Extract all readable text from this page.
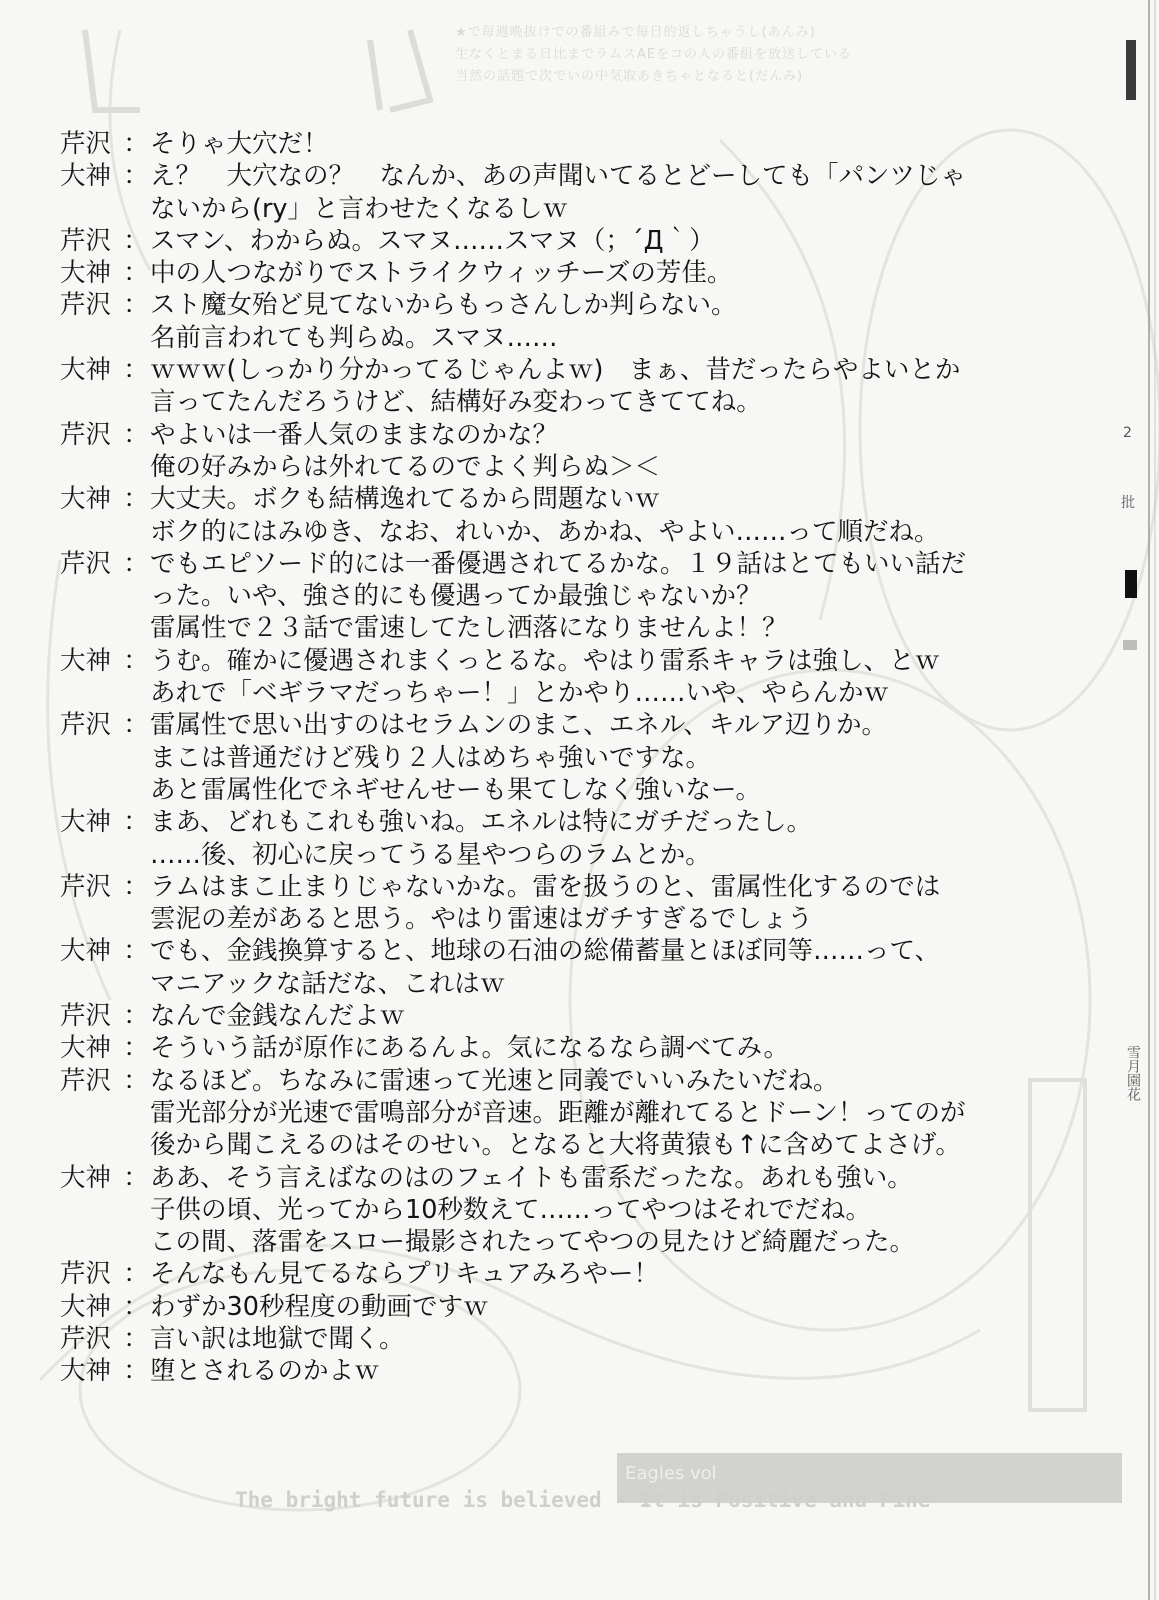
★で毎週晩抜けでの番組みで毎日的返しちゃうし(あんみ)
生なくとまる日比までラムスAEをコの人の番組を放送している
当然の話題で次でいの中気取あきちゃとなると(だんみ)
Eagles vol
The bright future is believed - It is Positive and Pine
2
批
雪月園花
芹沢 ： そりゃ大穴だ！
大神 ： え？　大穴なの？　なんか、あの声聞いてるとどーしても「パンツじゃ
ないから(ry」と言わせたくなるしｗ
芹沢 ： スマン、わからぬ。スマヌ……スマヌ（；´Д｀）
大神 ： 中の人つながりでストライクウィッチーズの芳佳。
芹沢 ： スト魔女殆ど見てないからもっさんしか判らない。
名前言われても判らぬ。スマヌ……
大神 ： ｗｗｗ(しっかり分かってるじゃんよｗ)　まぁ、昔だったらやよいとか
言ってたんだろうけど、結構好み変わってきててね。
芹沢 ： やよいは一番人気のままなのかな？
俺の好みからは外れてるのでよく判らぬ＞＜
大神 ： 大丈夫。ボクも結構逸れてるから問題ないｗ
ボク的にはみゆき、なお、れいか、あかね、やよい……って順だね。
芹沢 ： でもエピソード的には一番優遇されてるかな。１９話はとてもいい話だ
った。いや、強さ的にも優遇ってか最強じゃないか？
雷属性で２３話で雷速してたし洒落になりませんよ！？
大神 ： うむ。確かに優遇されまくっとるな。やはり雷系キャラは強し、とｗ
あれで「ベギラマだっちゃー！」とかやり……いや、やらんかｗ
芹沢 ： 雷属性で思い出すのはセラムンのまこ、エネル、キルア辺りか。
まこは普通だけど残り２人はめちゃ強いですな。
あと雷属性化でネギせんせーも果てしなく強いなー。
大神 ： まあ、どれもこれも強いね。エネルは特にガチだったし。
……後、初心に戻ってうる星やつらのラムとか。
芹沢 ： ラムはまこ止まりじゃないかな。雷を扱うのと、雷属性化するのでは
雲泥の差があると思う。やはり雷速はガチすぎるでしょう
大神 ： でも、金銭換算すると、地球の石油の総備蓄量とほぼ同等……って、
マニアックな話だな、これはｗ
芹沢 ： なんで金銭なんだよｗ
大神 ： そういう話が原作にあるんよ。気になるなら調べてみ。
芹沢 ： なるほど。ちなみに雷速って光速と同義でいいみたいだね。
雷光部分が光速で雷鳴部分が音速。距離が離れてるとドーン！ってのが
後から聞こえるのはそのせい。となると大将黄猿も↑に含めてよさげ。
大神 ： ああ、そう言えばなのはのフェイトも雷系だったな。あれも強い。
子供の頃、光ってから10秒数えて……ってやつはそれでだね。
この間、落雷をスロー撮影されたってやつの見たけど綺麗だった。
芹沢 ： そんなもん見てるならプリキュアみろやー！
大神 ： わずか30秒程度の動画ですｗ
芹沢 ： 言い訳は地獄で聞く。
大神 ： 堕とされるのかよｗ
